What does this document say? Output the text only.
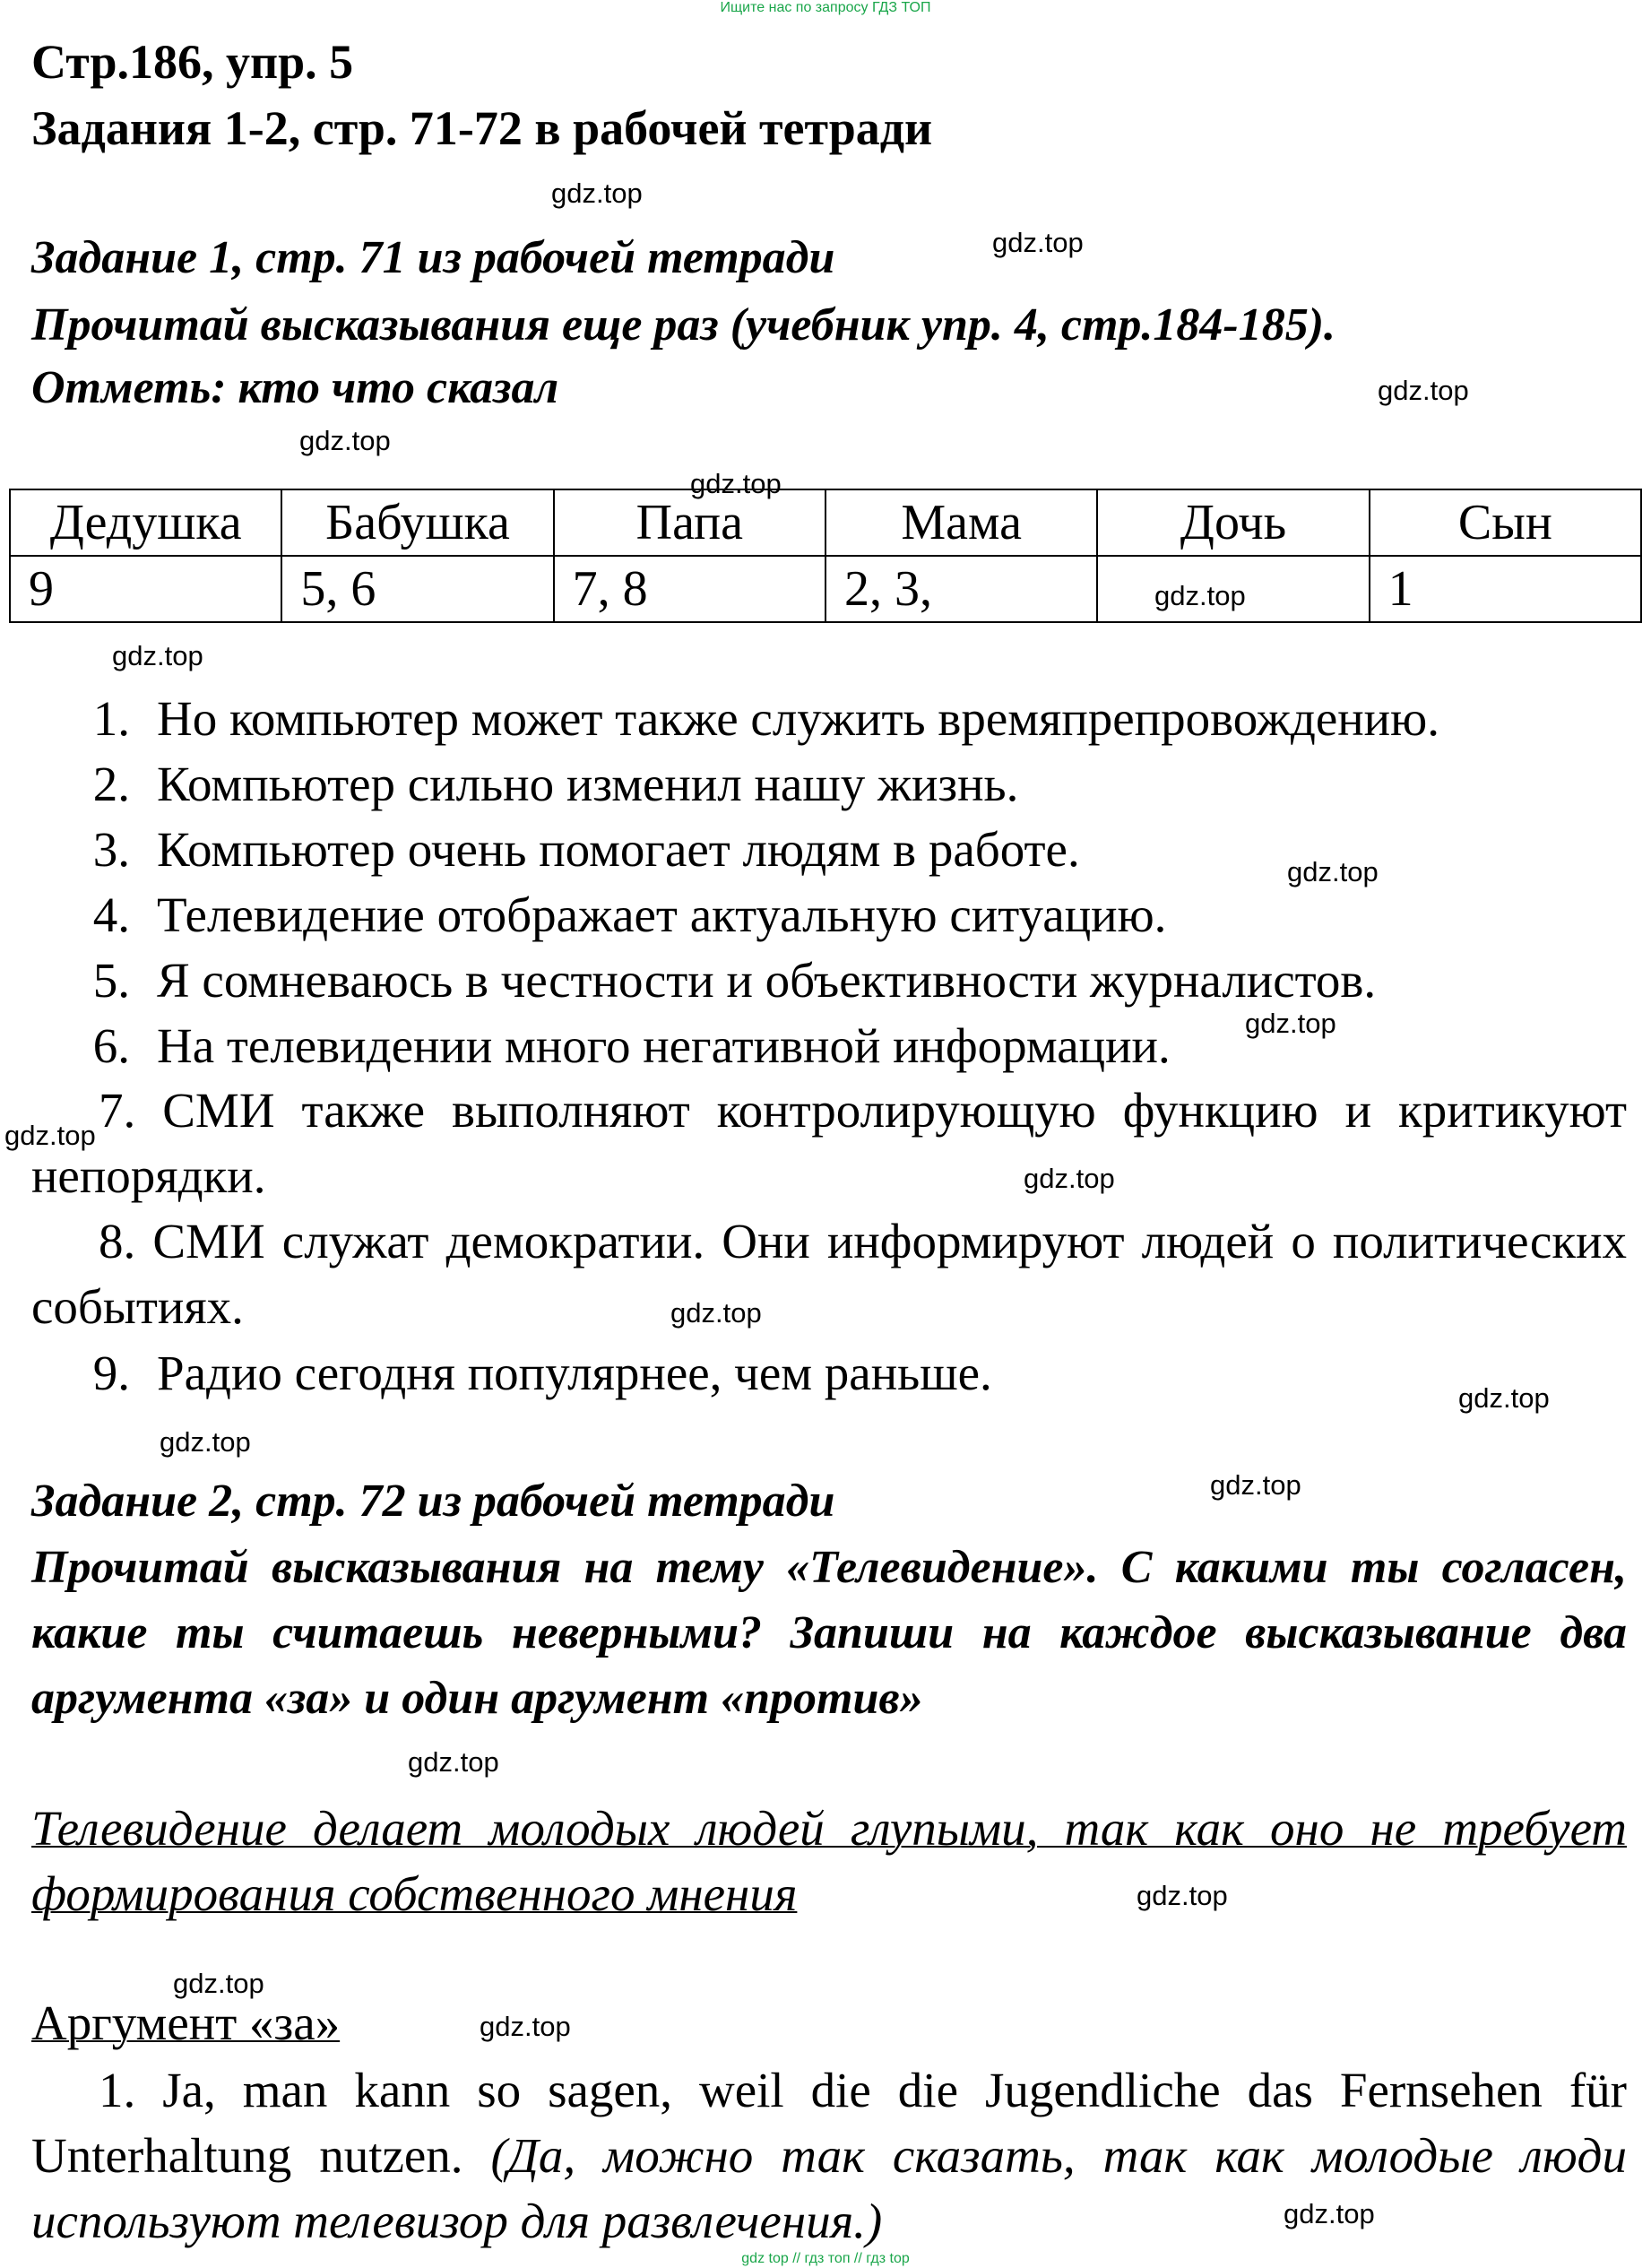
Ищите нас по запросу ГДЗ ТОП
Стр.186, упр. 5
Задания 1-2, стр. 71-72 в рабочей тетради
Задание 1, стр. 71 из рабочей тетради
Прочитай высказывания еще раз (учебник упр. 4, стр.184-185).
Отметь: кто что сказал
Дедушка	Бабушка	Папа	Мама	Дочь	Сын
9	5, 6	7, 8	2, 3,		1
1. Но компьютер может также служить времяпрепровождению.
2. Компьютер сильно изменил нашу жизнь.
3. Компьютер очень помогает людям в работе.
4. Телевидение отображает актуальную ситуацию.
5. Я сомневаюсь в честности и объективности журналистов.
6. На телевидении много негативной информации.
7. СМИ также выполняют контролирующую функцию и критикуют непорядки.
8. СМИ служат демократии. Они информируют людей о политических событиях.
9. Радио сегодня популярнее, чем раньше.
Задание 2, стр. 72 из рабочей тетради
Прочитай высказывания на тему «Телевидение». С какими ты согласен, какие ты считаешь неверными? Запиши на каждое высказывание два аргумента «за» и один аргумент «против»
Телевидение делает молодых людей глупыми, так как оно не требует формирования собственного мнения
Аргумент «за»
1. Ja, man kann so sagen, weil die die Jugendliche das Fernsehen für Unterhaltung nutzen. (Да, можно так сказать, так как молодые люди используют телевизор для развлечения.)
gdz.top
gdz.top
gdz.top
gdz.top
gdz.top
gdz.top
gdz.top
gdz.top
gdz.top
gdz.top
gdz.top
gdz.top
gdz.top
gdz.top
gdz.top
gdz.top
gdz.top
gdz.top
gdz.top
gdz.top
gdz top // гдз топ // гдз top
